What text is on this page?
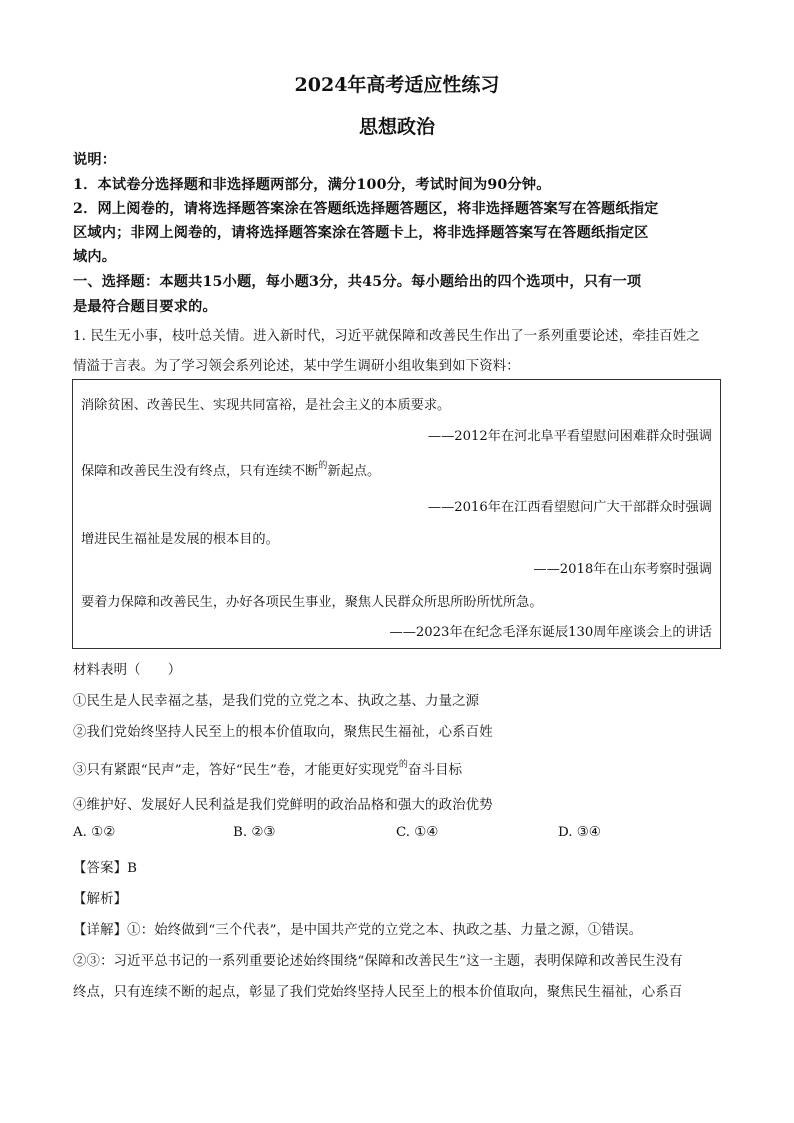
2024年高考适应性练习
思想政治
说明：
1．本试卷分选择题和非选择题两部分，满分100分，考试时间为90分钟。
2．网上阅卷的，请将选择题答案涂在答题纸选择题答题区，将非选择题答案写在答题纸指定
区域内；非网上阅卷的，请将选择题答案涂在答题卡上，将非选择题答案写在答题纸指定区
域内。
一、选择题：本题共15小题，每小题3分，共45分。每小题给出的四个选项中，只有一项
是最符合题目要求的。
1. 民生无小事，枝叶总关情。进入新时代，习近平就保障和改善民生作出了一系列重要论述，牵挂百姓之
情溢于言表。为了学习领会系列论述，某中学生调研小组收集到如下资料：
消除贫困、改善民生、实现共同富裕，是社会主义的本质要求。
——2012年在河北阜平看望慰问困难群众时强调
保障和改善民生没有终点，只有连续不断$^的$新起点。
——2016年在江西看望慰问广大干部群众时强调
增进民生福祉是发展的根本目的。
——2018年在山东考察时强调
要着力保障和改善民生，办好各项民生事业，聚焦人民群众所思所盼所忧所急。
——2023年在纪念毛泽东诞辰130周年座谈会上的讲话
材料表明（　　）
①民生是人民幸福之基，是我们党的立党之本、执政之基、力量之源
②我们党始终坚持人民至上的根本价值取向，聚焦民生福祉，心系百姓
③只有紧跟“民声”走，答好“民生”卷，才能更好实现党$^的$奋斗目标
④维护好、发展好人民利益是我们党鲜明的政治品格和强大的政治优势
A. ①②	B. ②③	C. ①④	D. ③④
【答案】B
【解析】
【详解】①：始终做到“三个代表”，是中国共产党的立党之本、执政之基、力量之源，①错误。
②③：习近平总书记的一系列重要论述始终围绕“保障和改善民生”这一主题，表明保障和改善民生没有
终点，只有连续不断的起点，彰显了我们党始终坚持人民至上的根本价值取向，聚焦民生福祉，心系百
